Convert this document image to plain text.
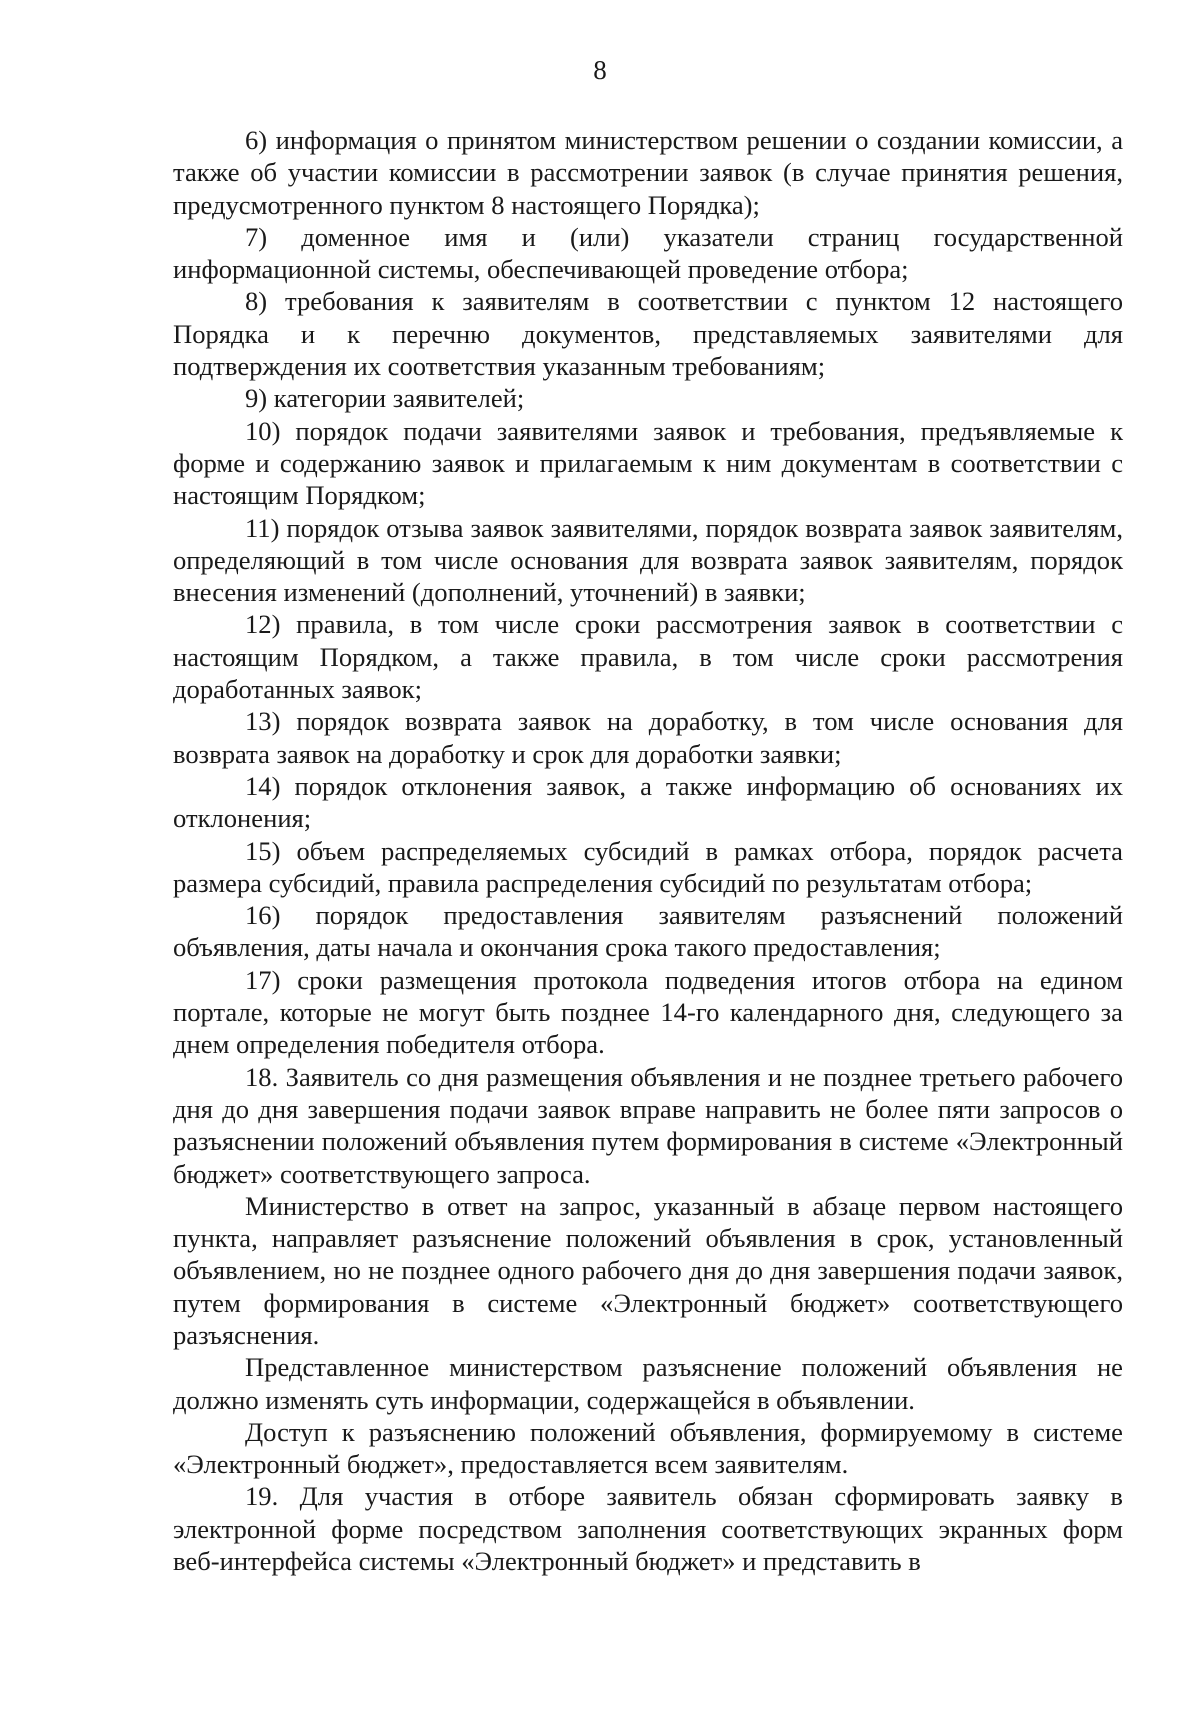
8

6) информация о принятом министерством решении о создании комиссии, а также об участии комиссии в рассмотрении заявок (в случае принятия решения, предусмотренного пунктом 8 настоящего Порядка);

7) доменное имя и (или) указатели страниц государственной информационной системы, обеспечивающей проведение отбора;

8) требования к заявителям в соответствии с пунктом 12 настоящего Порядка и к перечню документов, представляемых заявителями для подтверждения их соответствия указанным требованиям;

9) категории заявителей;

10) порядок подачи заявителями заявок и требования, предъявляемые к форме и содержанию заявок и прилагаемым к ним документам в соответствии с настоящим Порядком;

11) порядок отзыва заявок заявителями, порядок возврата заявок заявителям, определяющий в том числе основания для возврата заявок заявителям, порядок внесения изменений (дополнений, уточнений) в заявки;

12) правила, в том числе сроки рассмотрения заявок в соответствии с настоящим Порядком, а также правила, в том числе сроки рассмотрения доработанных заявок;

13) порядок возврата заявок на доработку, в том числе основания для возврата заявок на доработку и срок для доработки заявки;

14) порядок отклонения заявок, а также информацию об основаниях их отклонения;

15) объем распределяемых субсидий в рамках отбора, порядок расчета размера субсидий, правила распределения субсидий по результатам отбора;

16) порядок предоставления заявителям разъяснений положений объявления, даты начала и окончания срока такого предоставления;

17) сроки размещения протокола подведения итогов отбора на едином портале, которые не могут быть позднее 14-го календарного дня, следующего за днем определения победителя отбора.

18. Заявитель со дня размещения объявления и не позднее третьего рабочего дня до дня завершения подачи заявок вправе направить не более пяти запросов о разъяснении положений объявления путем формирования в системе «Электронный бюджет» соответствующего запроса.

Министерство в ответ на запрос, указанный в абзаце первом настоящего пункта, направляет разъяснение положений объявления в срок, установленный объявлением, но не позднее одного рабочего дня до дня завершения подачи заявок, путем формирования в системе «Электронный бюджет» соответствующего разъяснения.

Представленное министерством разъяснение положений объявления не должно изменять суть информации, содержащейся в объявлении.

Доступ к разъяснению положений объявления, формируемому в системе «Электронный бюджет», предоставляется всем заявителям.

19. Для участия в отборе заявитель обязан сформировать заявку в электронной форме посредством заполнения соответствующих экранных форм веб-интерфейса системы «Электронный бюджет» и представить в
